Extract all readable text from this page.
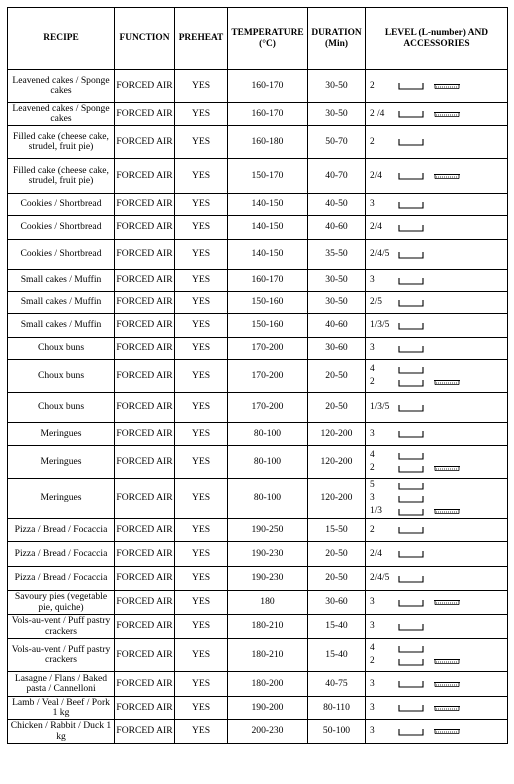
RECIPE	FUNCTION	PREHEAT	TEMPERATURE (°C)	DURATION (Min)	LEVEL (L-number) AND ACCESSORIES
Leavened cakes / Sponge cakes	FORCED AIR	YES	160-170	30-50	2

Leavened cakes / Sponge cakes	FORCED AIR	YES	160-170	30-50	2 /4

Filled cake (cheese cake, strudel, fruit pie)	FORCED AIR	YES	160-180	50-70	2

Filled cake (cheese cake, strudel, fruit pie)	FORCED AIR	YES	150-170	40-70	2/4

Cookies / Shortbread	FORCED AIR	YES	140-150	40-50	3

Cookies / Shortbread	FORCED AIR	YES	140-150	40-60	2/4

Cookies / Shortbread	FORCED AIR	YES	140-150	35-50	2/4/5

Small cakes / Muffin	FORCED AIR	YES	160-170	30-50	3

Small cakes / Muffin	FORCED AIR	YES	150-160	30-50	2/5

Small cakes / Muffin	FORCED AIR	YES	150-160	40-60	1/3/5

Choux buns	FORCED AIR	YES	170-200	30-60	3

Choux buns	FORCED AIR	YES	170-200	20-50	4
2

Choux buns	FORCED AIR	YES	170-200	20-50	1/3/5

Meringues	FORCED AIR	YES	80-100	120-200	3

Meringues	FORCED AIR	YES	80-100	120-200	4
2

Meringues	FORCED AIR	YES	80-100	120-200	5
3
1/3

Pizza / Bread / Focaccia	FORCED AIR	YES	190-250	15-50	2

Pizza / Bread / Focaccia	FORCED AIR	YES	190-230	20-50	2/4

Pizza / Bread / Focaccia	FORCED AIR	YES	190-230	20-50	2/4/5

Savoury pies (vegetable pie, quiche)	FORCED AIR	YES	180	30-60	3

Vols-au-vent / Puff pastry crackers	FORCED AIR	YES	180-210	15-40	3

Vols-au-vent / Puff pastry crackers	FORCED AIR	YES	180-210	15-40	4
2

Lasagne / Flans / Baked pasta / Cannelloni	FORCED AIR	YES	180-200	40-75	3

Lamb / Veal / Beef / Pork 1 kg	FORCED AIR	YES	190-200	80-110	3

Chicken / Rabbit / Duck 1 kg	FORCED AIR	YES	200-230	50-100	3
